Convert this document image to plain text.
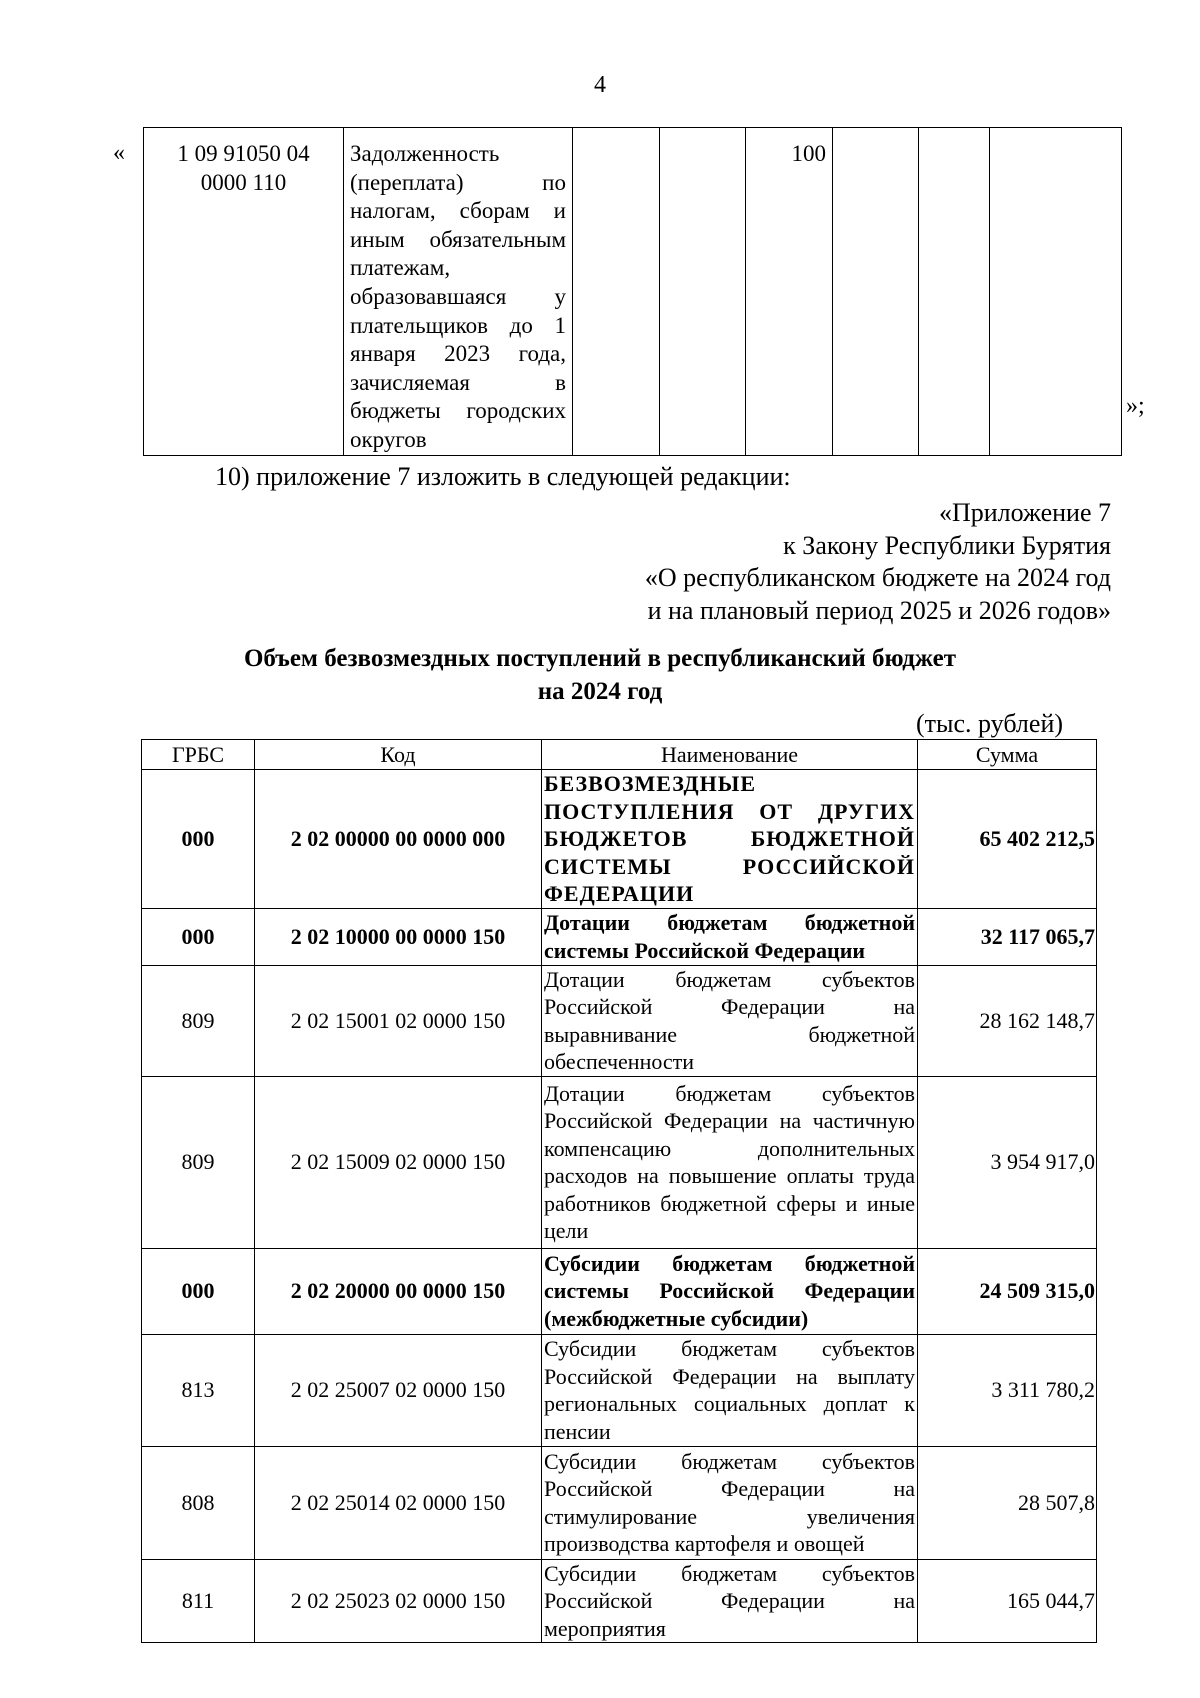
4
«	1 09 91050 04
0000 110
	Задолженность (переплата) по налогам, сборам и иным обязательным платежам, образовавшаяся у плательщиков до 1 января 2023 года, зачисляемая в бюджеты городских округов			100			
»;
10) приложение 7 изложить в следующей редакции:
«Приложение 7
к Закону Республики Бурятия
«О республиканском бюджете на 2024 год
и на плановый период 2025 и 2026 годов»
Объем безвозмездных поступлений в республиканский бюджет
на 2024 год
(тыс. рублей)
ГРБС	Код	Наименование	Сумма
000	2 02 00000 00 0000 000	БЕЗВОЗМЕЗДНЫЕ ПОСТУПЛЕНИЯ ОТ ДРУГИХ БЮДЖЕТОВ БЮДЖЕТНОЙ СИСТЕМЫ РОССИЙСКОЙ ФЕДЕРАЦИИ	65 402 212,5
000	2 02 10000 00 0000 150	Дотации бюджетам бюджетной системы Российской Федерации	32 117 065,7
809	2 02 15001 02 0000 150	Дотации бюджетам субъектов Российской Федерации на выравнивание бюджетной обеспеченности	28 162 148,7
809	2 02 15009 02 0000 150	Дотации бюджетам субъектов Российской Федерации на частичную компенсацию дополнительных расходов на повышение оплаты труда работников бюджетной сферы и иные цели	3 954 917,0
000	2 02 20000 00 0000 150	Субсидии бюджетам бюджетной системы Российской Федерации (межбюджетные субсидии)	24 509 315,0
813	2 02 25007 02 0000 150	Субсидии бюджетам субъектов Российской Федерации на выплату региональных социальных доплат к пенсии	3 311 780,2
808	2 02 25014 02 0000 150	Субсидии бюджетам субъектов Российской Федерации на стимулирование увеличения производства картофеля и овощей	28 507,8
811	2 02 25023 02 0000 150	Субсидии бюджетам субъектов Российской Федерации на мероприятия	165 044,7
